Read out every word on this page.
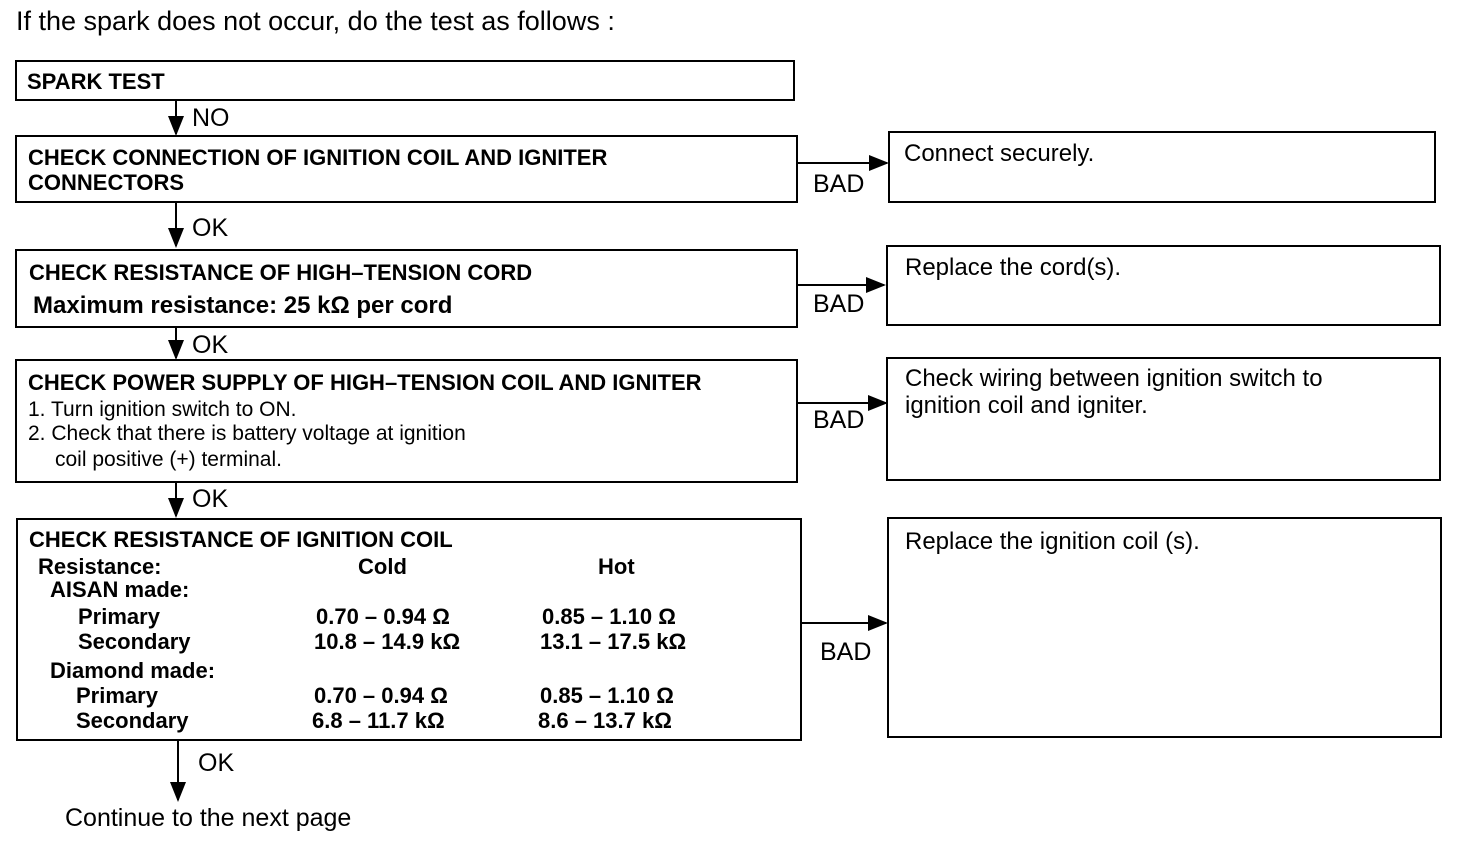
If the spark does not occur, do the test as follows :
SPARK TEST
NO
CHECK CONNECTION OF IGNITION COIL AND IGNITER
CONNECTORS	BAD
Connect securely.
OK
CHECK RESISTANCE OF HIGH–TENSION CORD
Maximum resistance: 25 kΩ per cord	BAD
Replace the cord(s).
OK
CHECK POWER SUPPLY OF HIGH–TENSION COIL AND IGNITER
1. Turn ignition switch to ON.
2. Check that there is battery voltage at ignition
coil positive (+) terminal.
BAD
Check wiring between ignition switch to
ignition coil and igniter.
OK
CHECK RESISTANCE OF IGNITION COIL
Resistance:	Cold	Hot
AISAN made:
Primary	0.70 – 0.94 Ω	0.85 – 1.10 Ω
Secondary	10.8 – 14.9 kΩ	13.1 – 17.5 kΩ
Diamond made:
Primary	0.70 – 0.94 Ω	0.85 – 1.10 Ω
Secondary	6.8 – 11.7 kΩ	8.6 – 13.7 kΩ
BAD
Replace the ignition coil (s).
OK
Continue to the next page
